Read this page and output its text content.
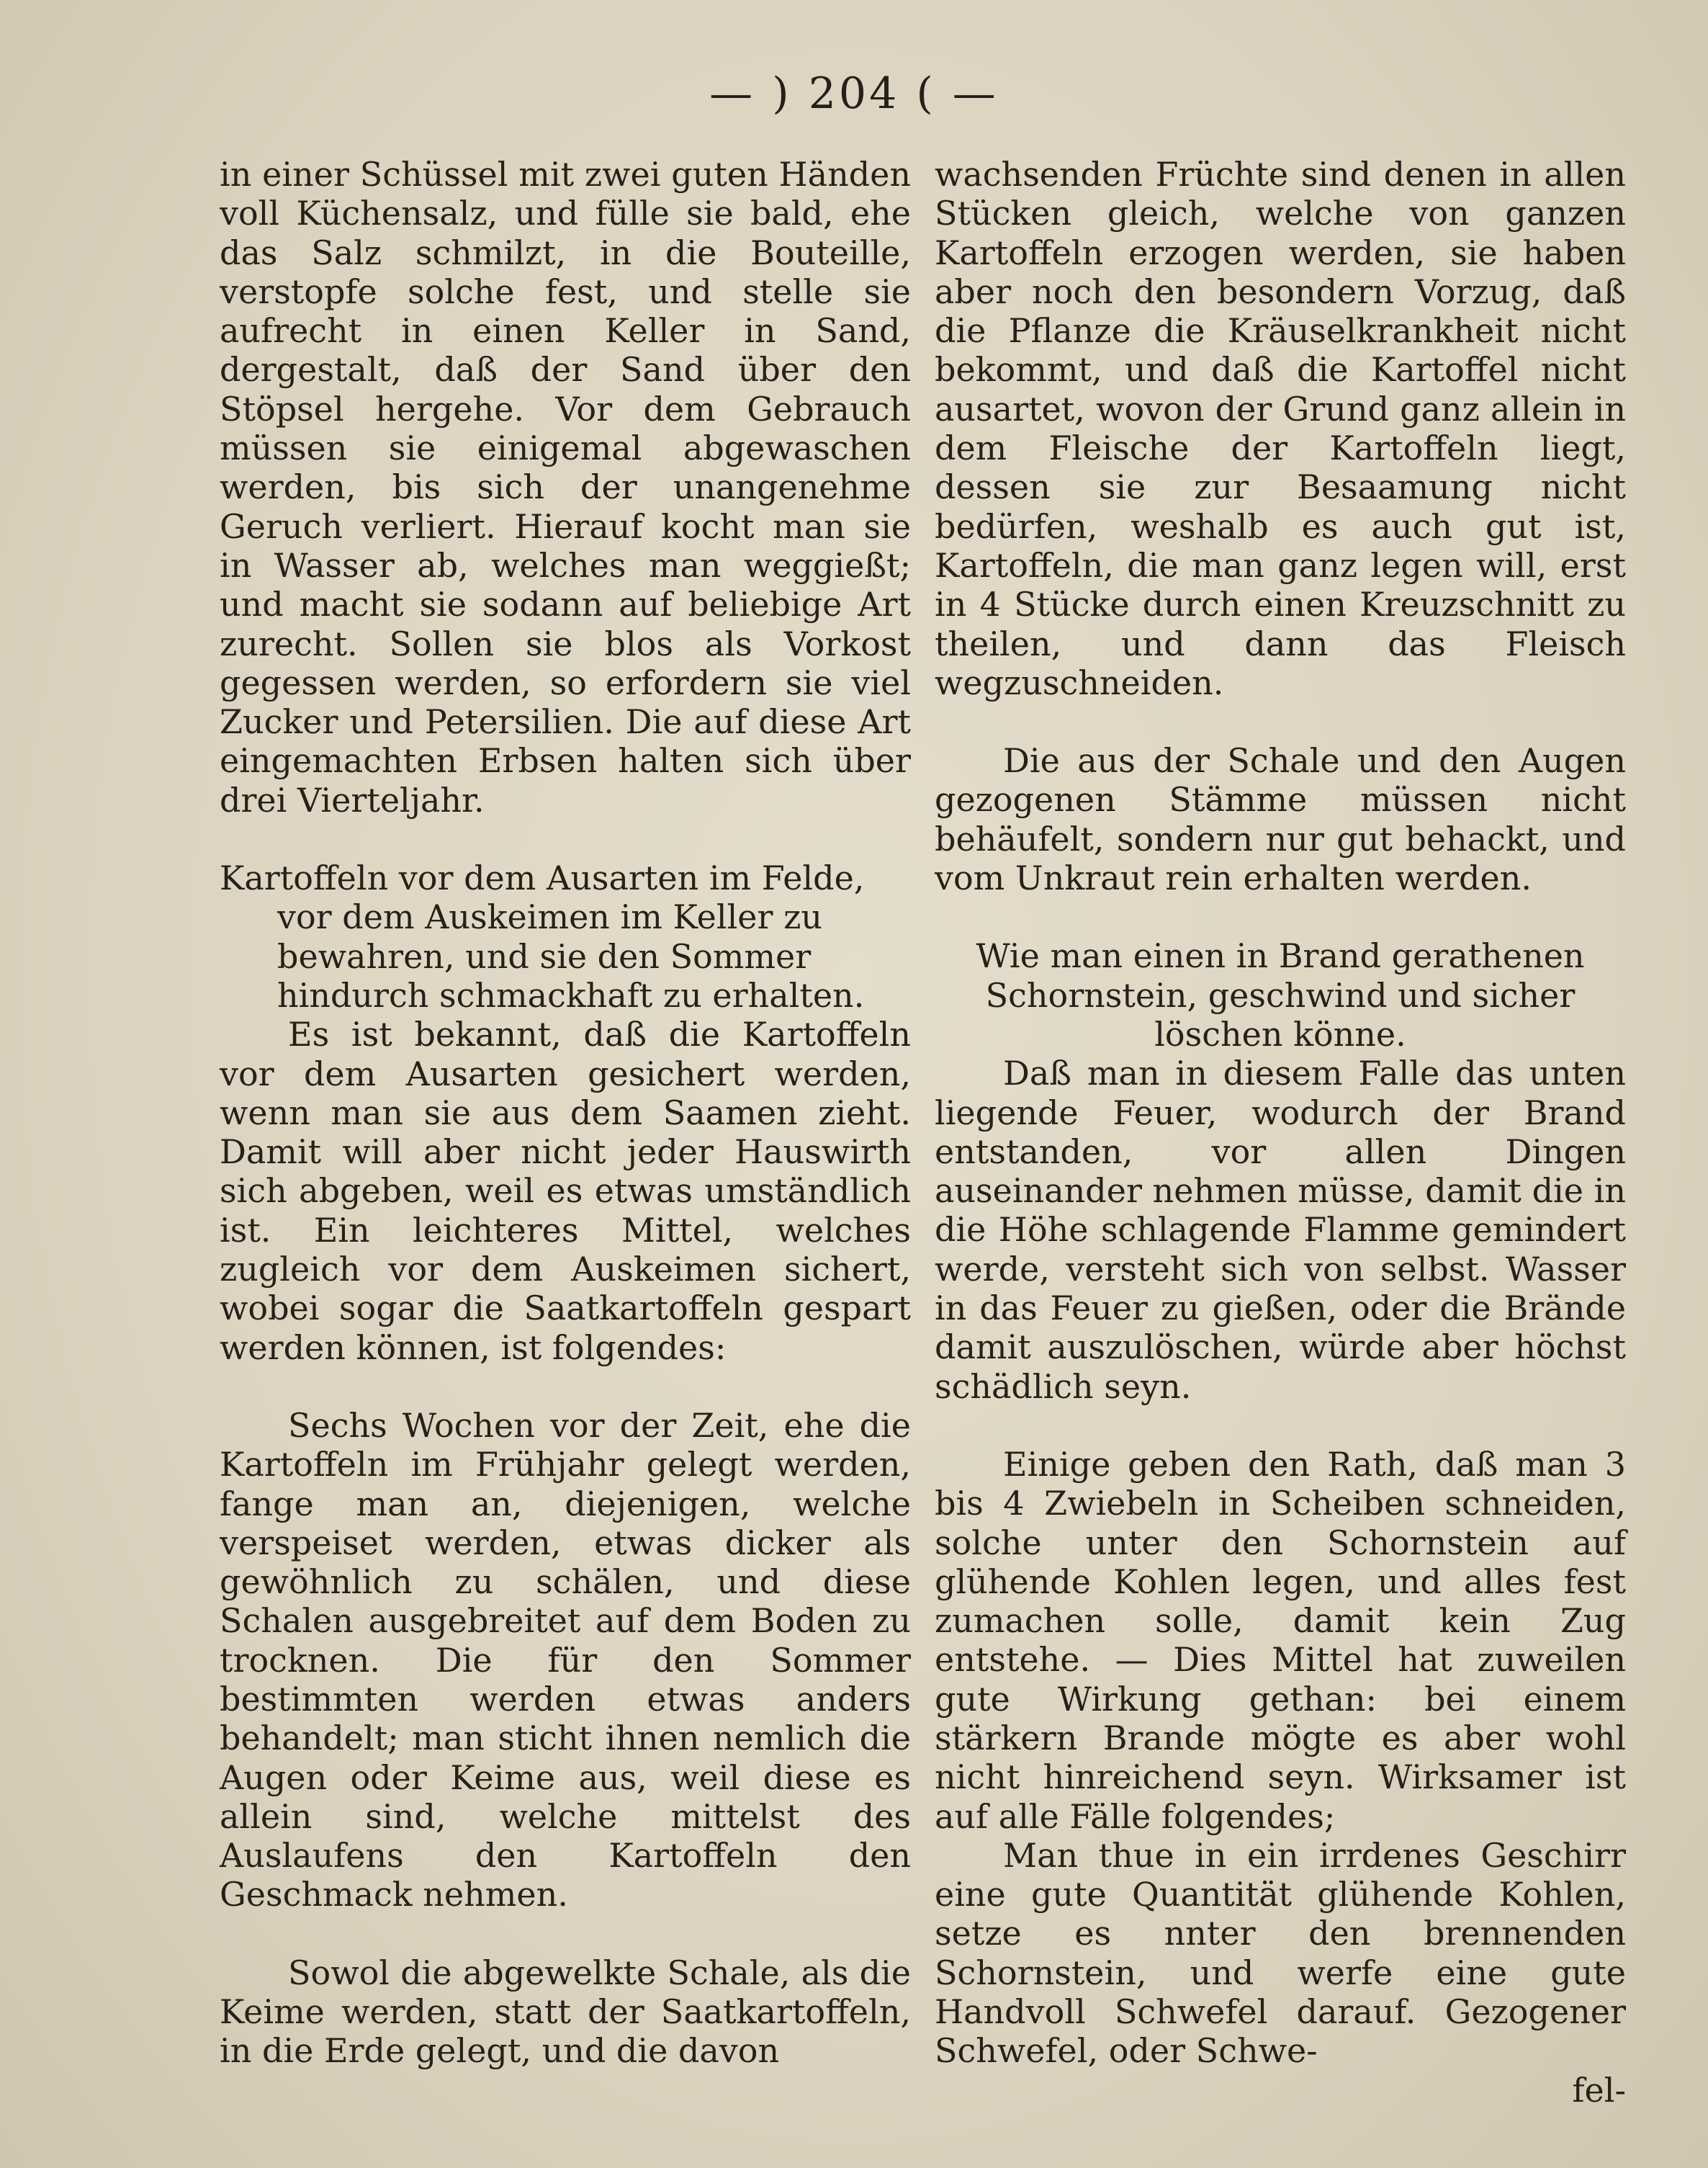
— ) 204 ( —

in einer Schüssel mit zwei guten Händen voll Küchensalz, und fülle sie bald, ehe das Salz schmilzt, in die Bouteille, verstopfe solche fest, und stelle sie aufrecht in einen Keller in Sand, dergestalt, daß der Sand über den Stöpsel hergehe. Vor dem Gebrauch müssen sie einigemal abgewaschen werden, bis sich der unangenehme Geruch verliert. Hierauf kocht man sie in Wasser ab, welches man weggießt; und macht sie sodann auf beliebige Art zurecht. Sollen sie blos als Vorkost gegessen werden, so erfordern sie viel Zucker und Petersilien. Die auf diese Art eingemachten Erbsen halten sich über drei Vierteljahr.

Kartoffeln vor dem Ausarten im Felde, vor dem Auskeimen im Keller zu bewahren, und sie den Sommer hindurch schmackhaft zu erhalten.

Es ist bekannt, daß die Kartoffeln vor dem Ausarten gesichert werden, wenn man sie aus dem Saamen zieht. Damit will aber nicht jeder Hauswirth sich abgeben, weil es etwas umständlich ist. Ein leichteres Mittel, welches zugleich vor dem Auskeimen sichert, wobei sogar die Saatkartoffeln gespart werden können, ist folgendes:

Sechs Wochen vor der Zeit, ehe die Kartoffeln im Frühjahr gelegt werden, fange man an, diejenigen, welche verspeiset werden, etwas dicker als gewöhnlich zu schälen, und diese Schalen ausgebreitet auf dem Boden zu trocknen. Die für den Sommer bestimmten werden etwas anders behandelt; man sticht ihnen nemlich die Augen oder Keime aus, weil diese es allein sind, welche mittelst des Auslaufens den Kartoffeln den Geschmack nehmen.

Sowol die abgewelkte Schale, als die Keime werden, statt der Saatkartoffeln, in die Erde gelegt, und die davon

wachsenden Früchte sind denen in allen Stücken gleich, welche von ganzen Kartoffeln erzogen werden, sie haben aber noch den besondern Vorzug, daß die Pflanze die Kräuselkrankheit nicht bekommt, und daß die Kartoffel nicht ausartet, wovon der Grund ganz allein in dem Fleische der Kartoffeln liegt, dessen sie zur Besaamung nicht bedürfen, weshalb es auch gut ist, Kartoffeln, die man ganz legen will, erst in 4 Stücke durch einen Kreuzschnitt zu theilen, und dann das Fleisch wegzuschneiden.

Die aus der Schale und den Augen gezogenen Stämme müssen nicht behäufelt, sondern nur gut behackt, und vom Unkraut rein erhalten werden.

Wie man einen in Brand gerathenen Schornstein, geschwind und sicher löschen könne.

Daß man in diesem Falle das unten liegende Feuer, wodurch der Brand entstanden, vor allen Dingen auseinander nehmen müsse, damit die in die Höhe schlagende Flamme gemindert werde, versteht sich von selbst. Wasser in das Feuer zu gießen, oder die Brände damit auszulöschen, würde aber höchst schädlich seyn.

Einige geben den Rath, daß man 3 bis 4 Zwiebeln in Scheiben schneiden, solche unter den Schornstein auf glühende Kohlen legen, und alles fest zumachen solle, damit kein Zug entstehe. — Dies Mittel hat zuweilen gute Wirkung gethan: bei einem stärkern Brande mögte es aber wohl nicht hinreichend seyn. Wirksamer ist auf alle Fälle folgendes;

Man thue in ein irrdenes Geschirr eine gute Quantität glühende Kohlen, setze es nnter den brennenden Schornstein, und werfe eine gute Handvoll Schwefel darauf. Gezogener Schwefel, oder Schwe-

fel-
